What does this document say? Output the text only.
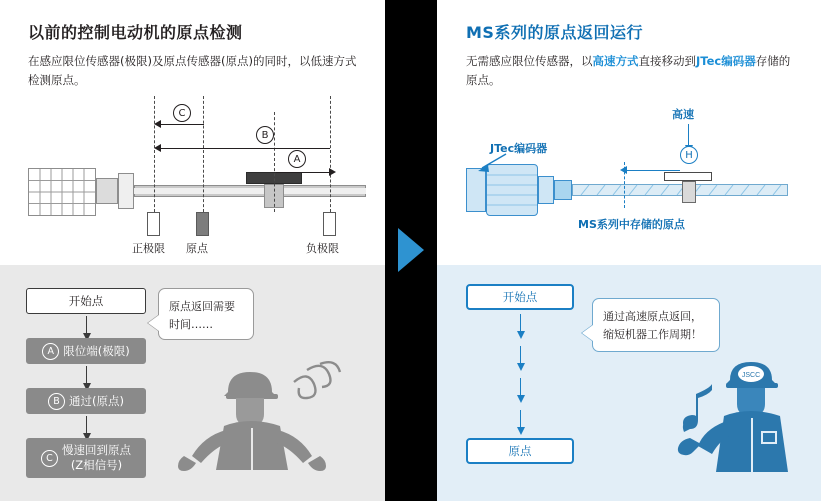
以前的控制电动机的原点检测
在感应限位传感器(极限)及原点传感器(原点)的同时，以低速方式检测原点。
C
B
A
正极限 原点	负极限
开始点
A 限位端(极限)
B 通过(原点)
C
慢速回到原点
(Z相信号)
原点返回需要
时间……
MS系列的原点返回运行
无需感应限位传感器，以高速方式直接移动到JTec编码器存储的原点。
JTec编码器
高速
H
MS系列中存储的原点
开始点
原点
通过高速原点返回，
缩短机器工作周期！
JSCC
